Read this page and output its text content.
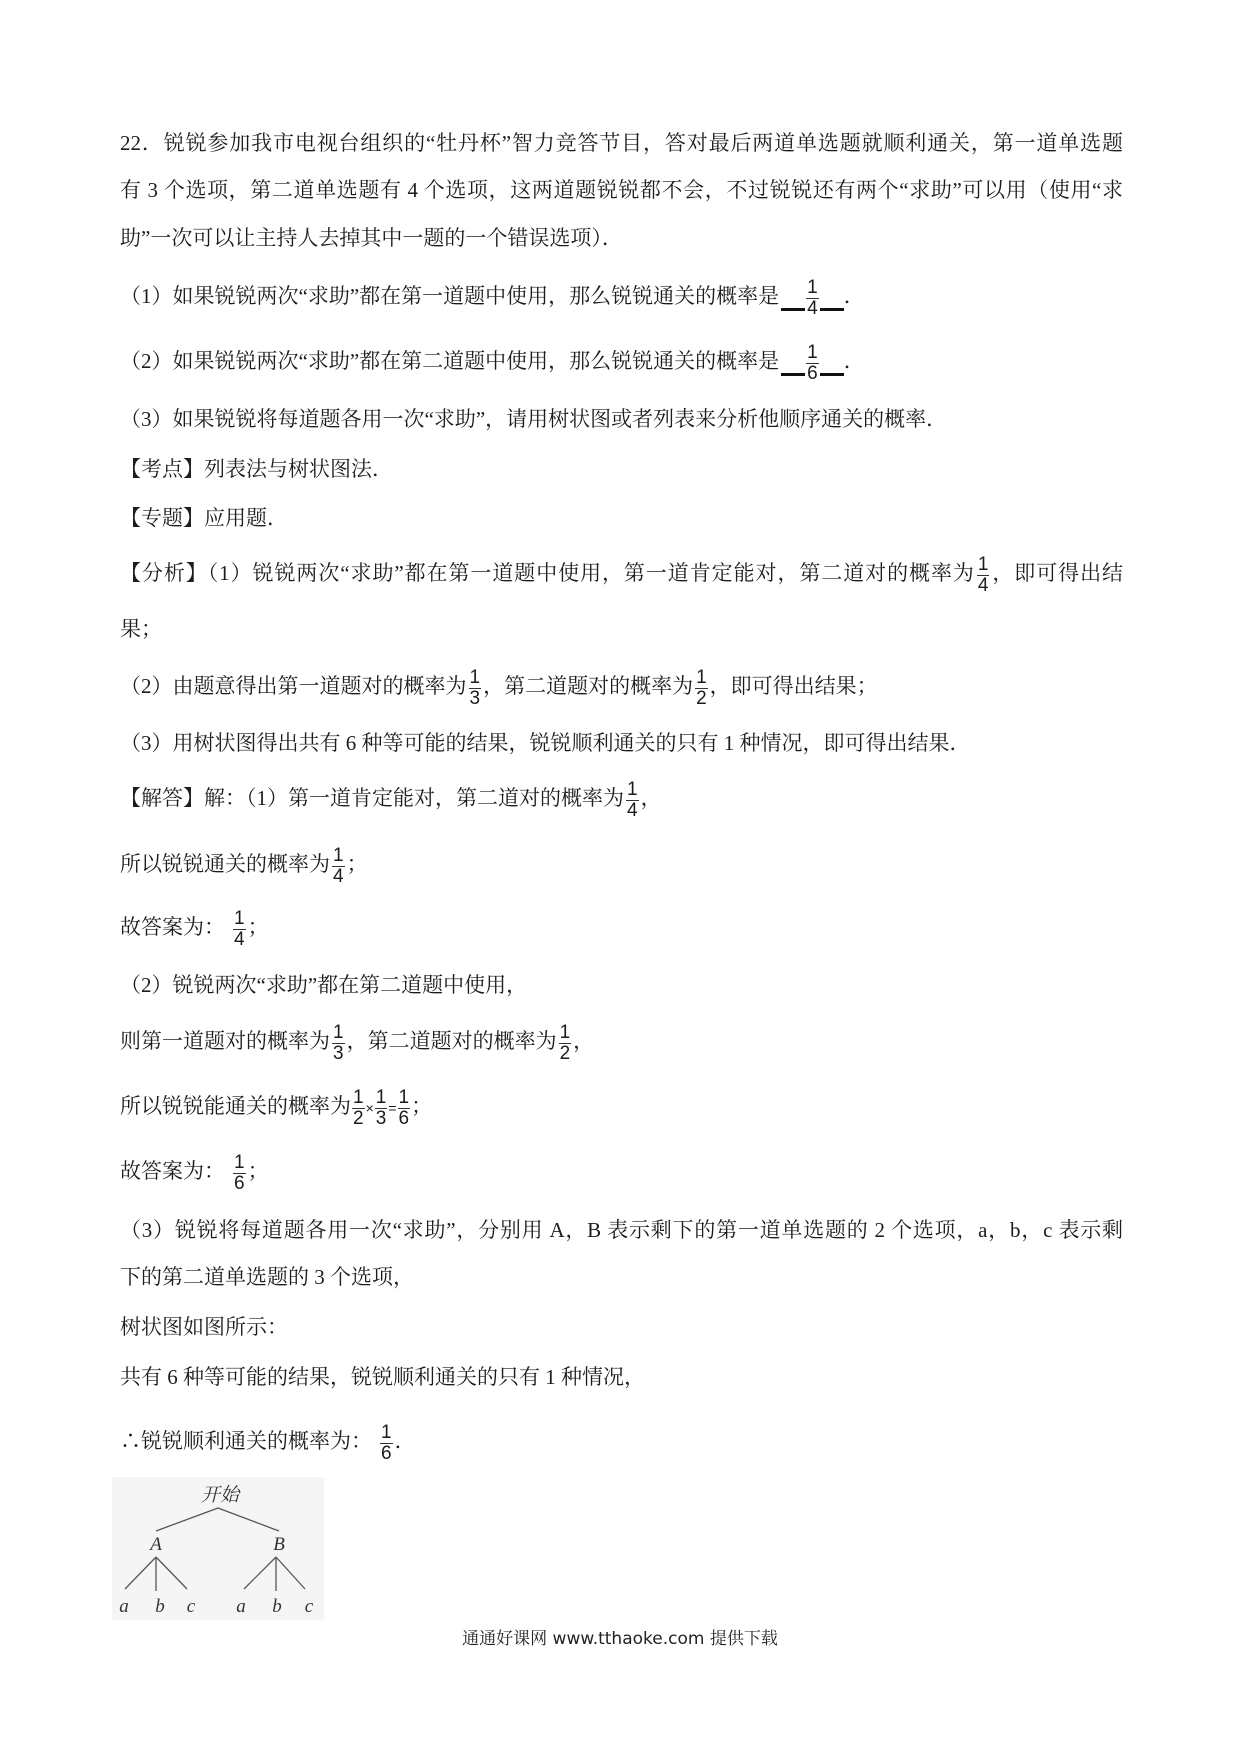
22．锐锐参加我市电视台组织的“牡丹杯”智力竞答节目，答对最后两道单选题就顺利通关，第一道单选题
有 3 个选项，第二道单选题有 4 个选项，这两道题锐锐都不会，不过锐锐还有两个“求助”可以用（使用“求
助”一次可以让主持人去掉其中一题的一个错误选项）．
（1）如果锐锐两次“求助”都在第一道题中使用，那么锐锐通关的概率是 $\frac{1}{4}$ ．
（2）如果锐锐两次“求助”都在第二道题中使用，那么锐锐通关的概率是 $\frac{1}{6}$ ．
（3）如果锐锐将每道题各用一次“求助”，请用树状图或者列表来分析他顺序通关的概率．
【考点】列表法与树状图法．
【专题】应用题．
【分析】（1）锐锐两次“求助”都在第一道题中使用，第一道肯定能对，第二道对的概率为 $\frac{1}{4}$ ，即可得出结
果；
（2）由题意得出第一道题对的概率为 $\frac{1}{3}$ ，第二道题对的概率为 $\frac{1}{2}$ ，即可得出结果；
（3）用树状图得出共有 6 种等可能的结果，锐锐顺利通关的只有 1 种情况，即可得出结果．
【解答】解：（1）第一道肯定能对，第二道对的概率为 $\frac{1}{4}$ ，
所以锐锐通关的概率为 $\frac{1}{4}$ ；
故答案为： $\frac{1}{4}$ ；
（2）锐锐两次“求助”都在第二道题中使用，
则第一道题对的概率为 $\frac{1}{3}$ ，第二道题对的概率为 $\frac{1}{2}$ ，
所以锐锐能通关的概率为 $\frac{1}{2} \times \frac{1}{3} = \frac{1}{6}$ ；
故答案为： $\frac{1}{6}$ ；
（3）锐锐将每道题各用一次“求助”，分别用 A，B 表示剩下的第一道单选题的 2 个选项，a，b，c 表示剩
下的第二道单选题的 3 个选项，
树状图如图所示：
共有 6 种等可能的结果，锐锐顺利通关的只有 1 种情况，
∴锐锐顺利通关的概率为： $\frac{1}{6}$ ．
开始
A	B
a b c a b c
通通好课网 www.tthaoke.com 提供下载
